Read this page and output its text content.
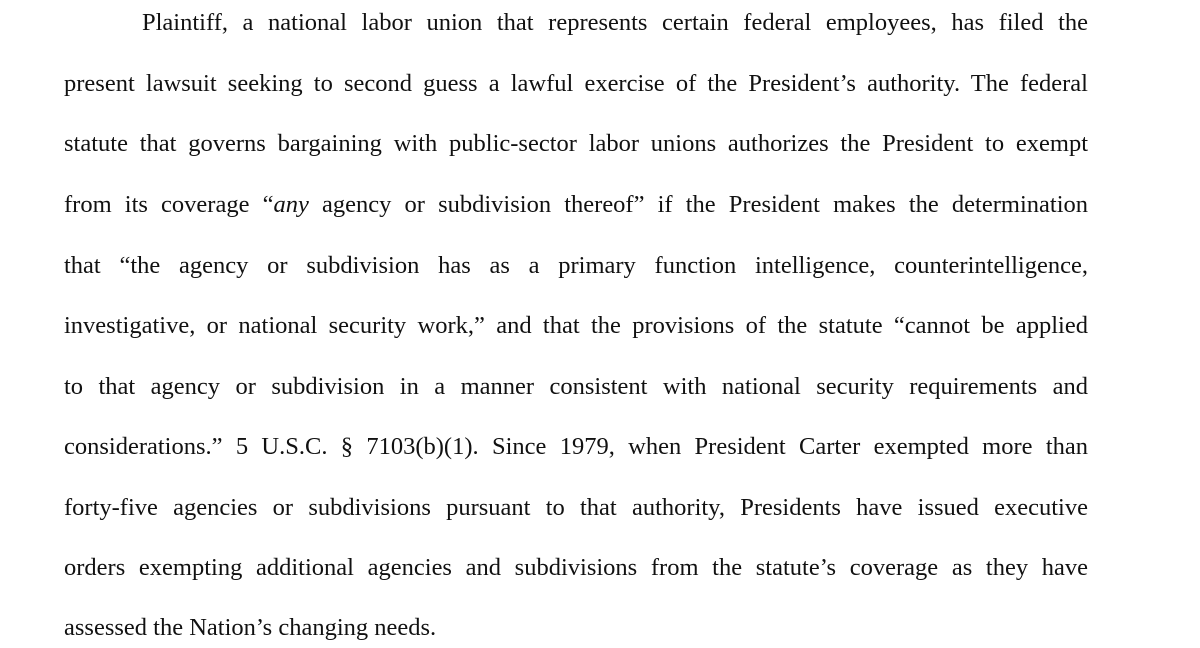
Plaintiff, a national labor union that represents certain federal employees, has filed the
present lawsuit seeking to second guess a lawful exercise of the President’s authority. The federal
statute that governs bargaining with public-sector labor unions authorizes the President to exempt
from its coverage “any agency or subdivision thereof” if the President makes the determination
that “the agency or subdivision has as a primary function intelligence, counterintelligence,
investigative, or national security work,” and that the provisions of the statute “cannot be applied
to that agency or subdivision in a manner consistent with national security requirements and
considerations.” 5 U.S.C. § 7103(b)(1). Since 1979, when President Carter exempted more than
forty-five agencies or subdivisions pursuant to that authority, Presidents have issued executive
orders exempting additional agencies and subdivisions from the statute’s coverage as they have
assessed the Nation’s changing needs.
